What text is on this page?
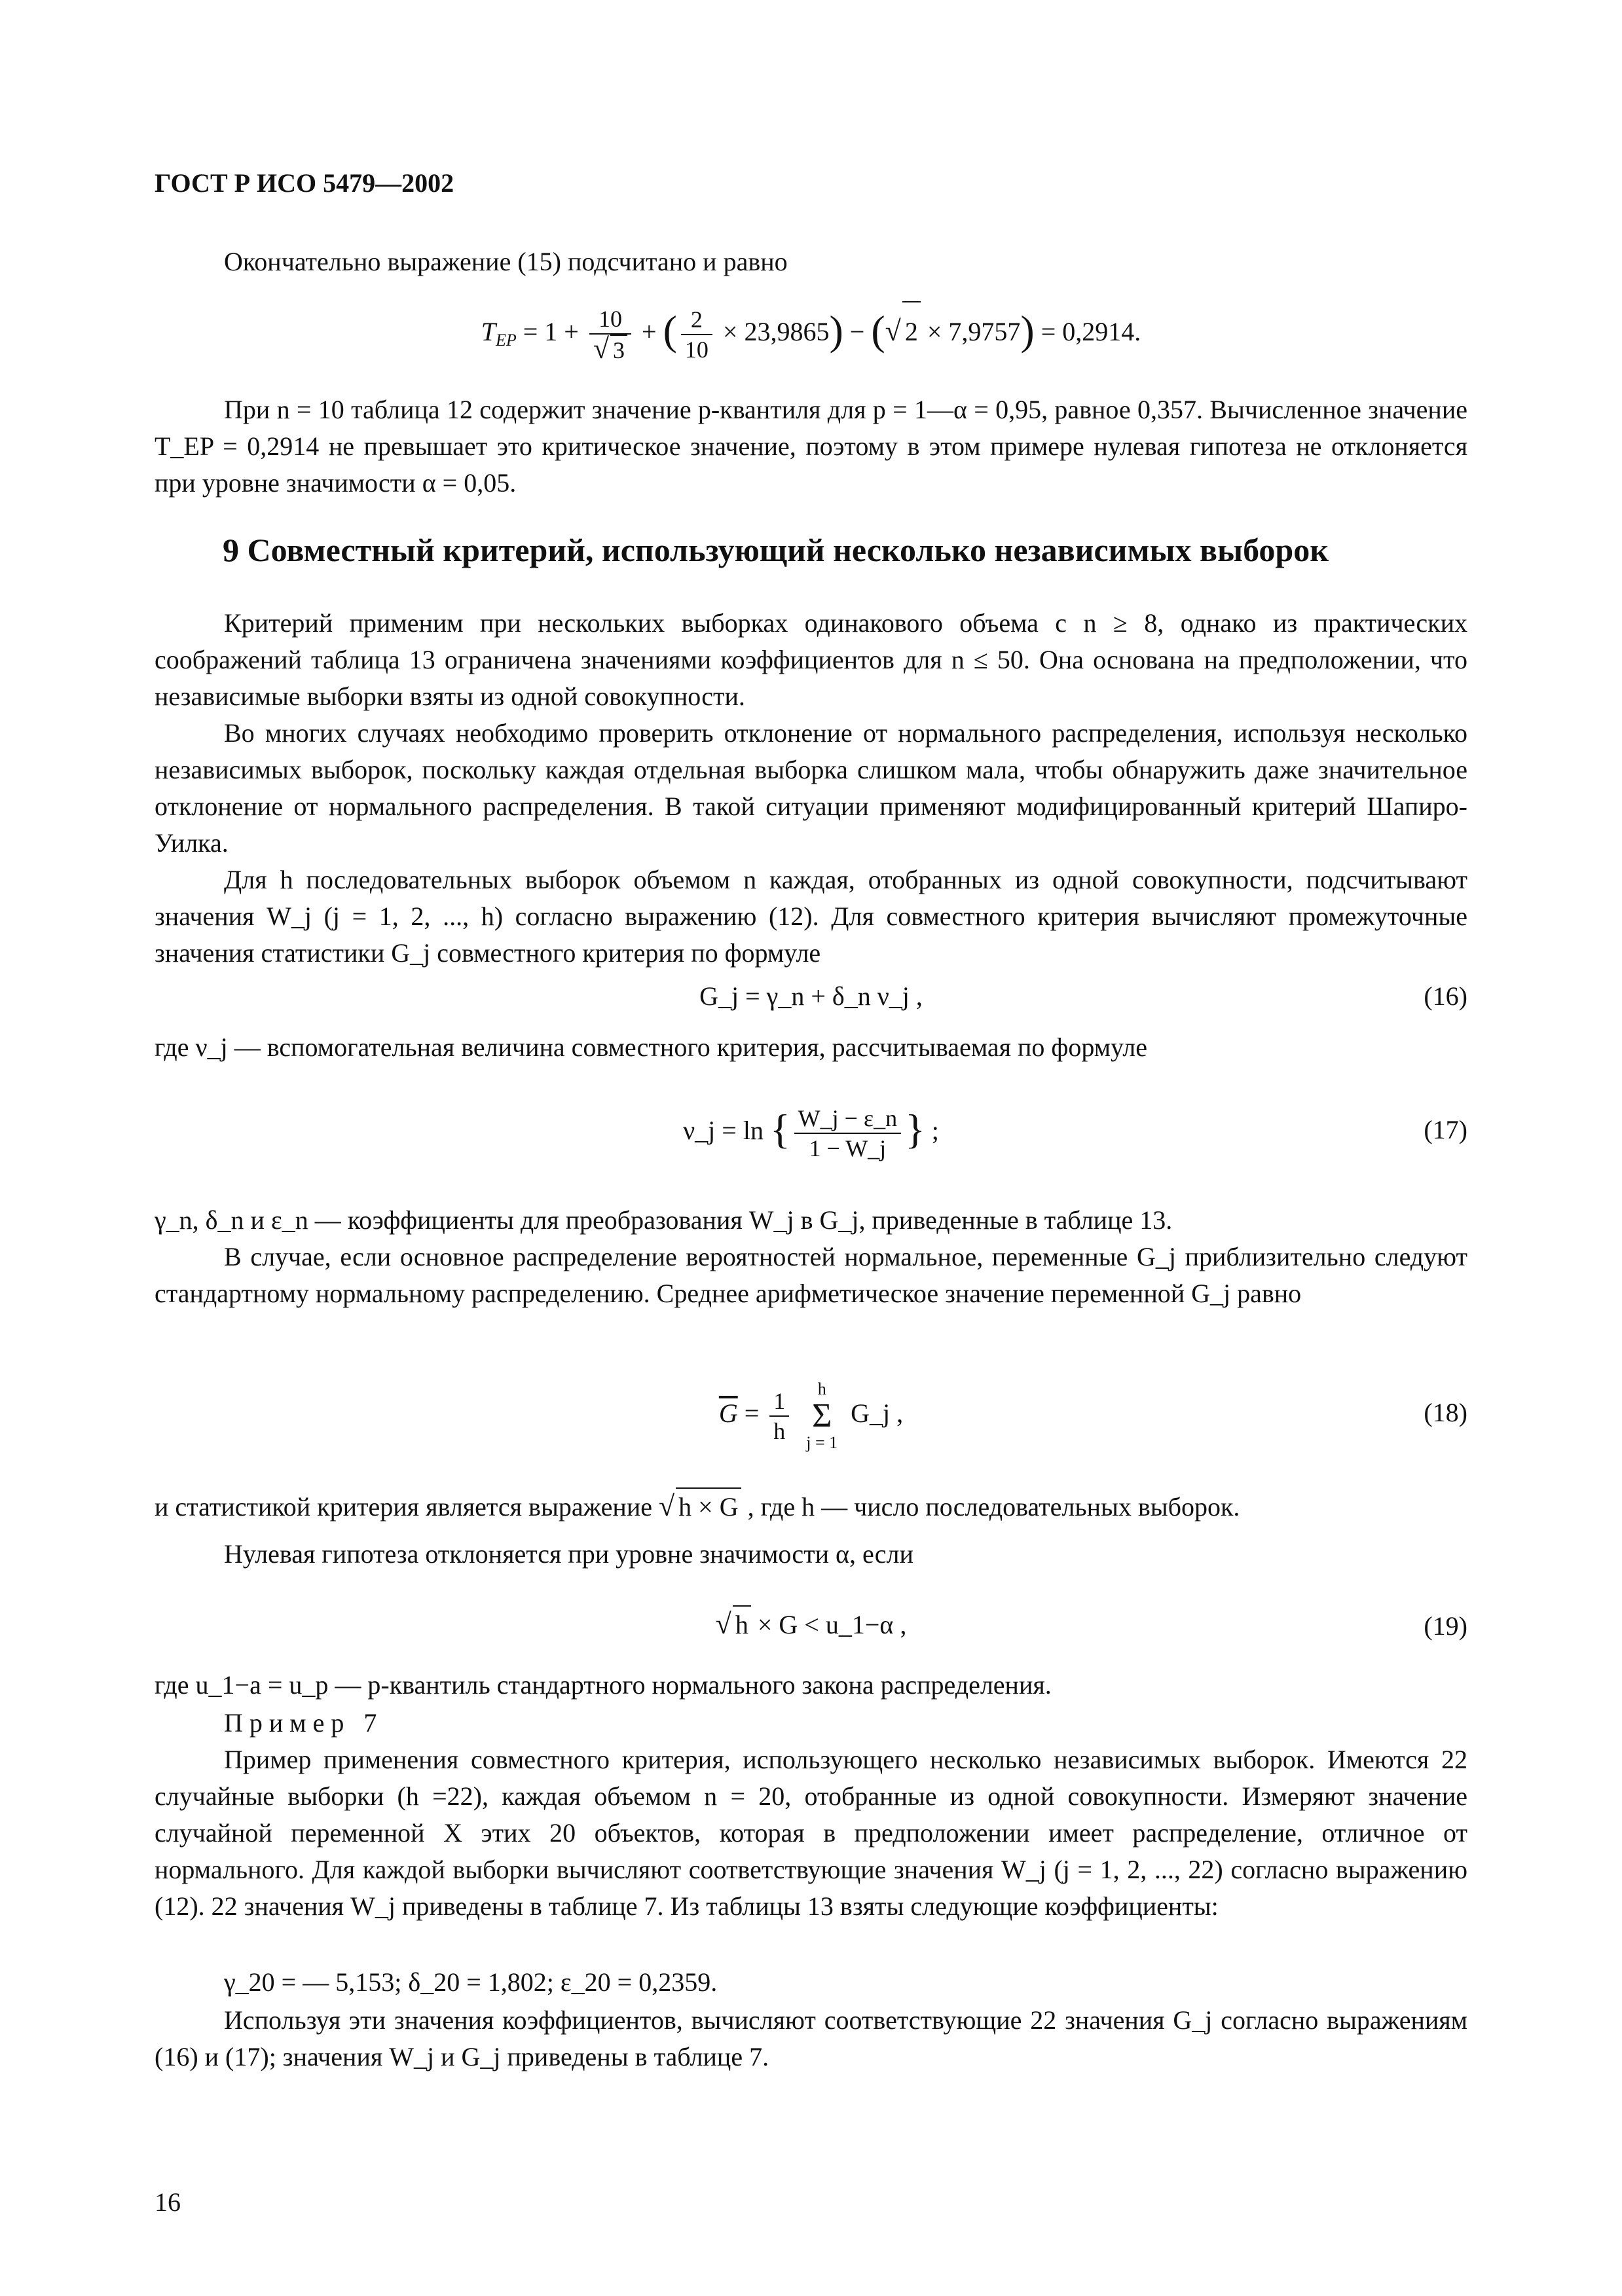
ГОСТ Р ИСО 5479—2002
Окончательно выражение (15) подсчитано и равно
$T_{EP} = 1 + \frac{10}{√ 3}$ + ( $\frac{2}{10} \times 23,9865$) − (√ 2 × 7,9757) = 0,2914.
При n = 10 таблица 12 содержит значение p-квантиля для p = 1—α = 0,95, равное 0,357. Вычисленное значение T_EP = 0,2914 не превышает это критическое значение, поэтому в этом примере нулевая гипотеза не отклоняется при уровне значимости α = 0,05.
9 Совместный критерий, использующий несколько независимых выборок
Критерий применим при нескольких выборках одинакового объема с n ≥ 8, однако из практических соображений таблица 13 ограничена значениями коэффициентов для n ≤ 50. Она основана на предположении, что независимые выборки взяты из одной совокупности.
Во многих случаях необходимо проверить отклонение от нормального распределения, используя несколько независимых выборок, поскольку каждая отдельная выборка слишком мала, чтобы обнаружить даже значительное отклонение от нормального распределения. В такой ситуации применяют модифицированный критерий Шапиро-Уилка.
Для h последовательных выборок объемом n каждая, отобранных из одной совокупности, подсчитывают значения W_j (j = 1, 2, ..., h) согласно выражению (12). Для совместного критерия вычисляют промежуточные значения статистики G_j совместного критерия по формуле
G_j = γ_n + δ_n ν_j ,	(16)
где ν_j — вспомогательная величина совместного критерия, рассчитываемая по формуле
ν_j = ln { $\frac{W\_j - \varepsilon\_n}{1 - W\_j}$ } ;	(17)
γ_n, δ_n и ε_n — коэффициенты для преобразования W_j в G_j, приведенные в таблице 13.
В случае, если основное распределение вероятностей нормальное, переменные G_j приблизительно следуют стандартному нормальному распределению. Среднее арифметическое значение переменной G_j равно
$\overline{G} = \frac{1}{h}$
	h
Σ
j = 1
G_j ,	(18)
и статистикой критерия является выражение √ h × G , где h — число последовательных выборок.
Нулевая гипотеза отклоняется при уровне значимости α, если
√ h × G < u_1−α ,	(19)
где u_1−a = u_p — p-квантиль стандартного нормального закона распределения.
Пример 7
Пример применения совместного критерия, использующего несколько независимых выборок. Имеются 22 случайные выборки (h =22), каждая объемом n = 20, отобранные из одной совокупности. Измеряют значение случайной переменной X этих 20 объектов, которая в предположении имеет распределение, отличное от нормального. Для каждой выборки вычисляют соответствующие значения W_j (j = 1, 2, ..., 22) согласно выражению (12). 22 значения W_j приведены в таблице 7. Из таблицы 13 взяты следующие коэффициенты:
γ_20 = — 5,153; δ_20 = 1,802; ε_20 = 0,2359.
Используя эти значения коэффициентов, вычисляют соответствующие 22 значения G_j согласно выражениям (16) и (17); значения W_j и G_j приведены в таблице 7.
16
